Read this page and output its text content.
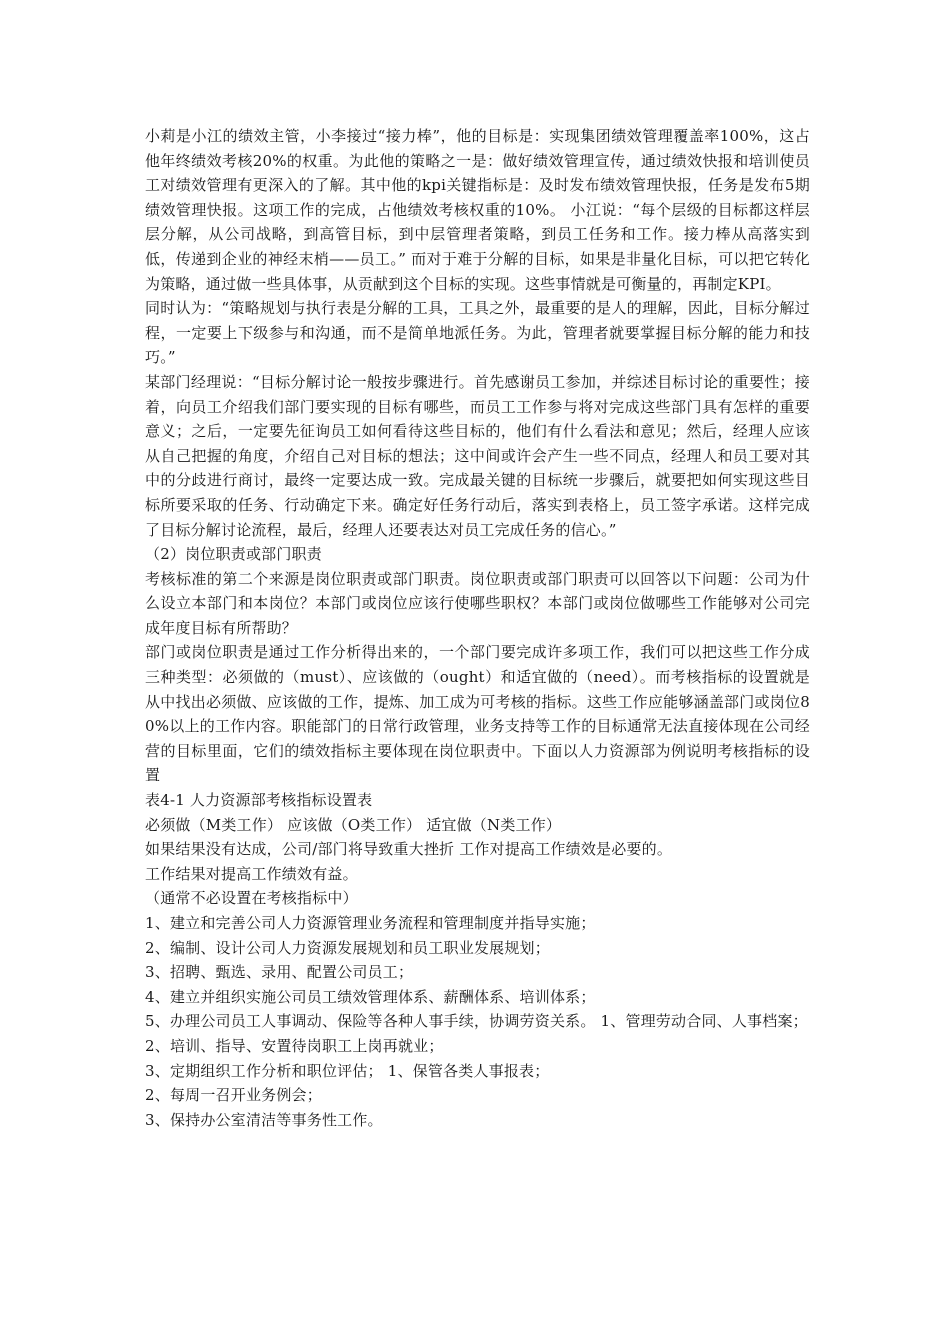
小莉是小江的绩效主管，小李接过“接力棒”，他的目标是：实现集团绩效管理覆盖率100%，这占他年终绩效考核20%的权重。为此他的策略之一是：做好绩效管理宣传，通过绩效快报和培训使员工对绩效管理有更深入的了解。其中他的kpi关键指标是：及时发布绩效管理快报，任务是发布5期绩效管理快报。这项工作的完成，占他绩效考核权重的10%。 小江说：“每个层级的目标都这样层层分解，从公司战略，到高管目标，到中层管理者策略，到员工任务和工作。接力棒从高落实到低，传递到企业的神经末梢——员工。” 而对于难于分解的目标，如果是非量化目标，可以把它转化为策略，通过做一些具体事，从贡献到这个目标的实现。这些事情就是可衡量的，再制定KPI。

同时认为：“策略规划与执行表是分解的工具，工具之外，最重要的是人的理解，因此，目标分解过程，一定要上下级参与和沟通，而不是简单地派任务。为此，管理者就要掌握目标分解的能力和技巧。”

某部门经理说：“目标分解讨论一般按步骤进行。首先感谢员工参加，并综述目标讨论的重要性；接着，向员工介绍我们部门要实现的目标有哪些，而员工工作参与将对完成这些部门具有怎样的重要意义；之后，一定要先征询员工如何看待这些目标的，他们有什么看法和意见；然后，经理人应该从自己把握的角度，介绍自己对目标的想法；这中间或许会产生一些不同点，经理人和员工要对其中的分歧进行商讨，最终一定要达成一致。完成最关键的目标统一步骤后，就要把如何实现这些目标所要采取的任务、行动确定下来。确定好任务行动后，落实到表格上，员工签字承诺。这样完成了目标分解讨论流程，最后，经理人还要表达对员工完成任务的信心。”

（2）岗位职责或部门职责

考核标准的第二个来源是岗位职责或部门职责。岗位职责或部门职责可以回答以下问题：公司为什么设立本部门和本岗位？本部门或岗位应该行使哪些职权？本部门或岗位做哪些工作能够对公司完成年度目标有所帮助？

部门或岗位职责是通过工作分析得出来的，一个部门要完成许多项工作，我们可以把这些工作分成三种类型：必须做的（must）、应该做的（ought）和适宜做的（need）。而考核指标的设置就是从中找出必须做、应该做的工作，提炼、加工成为可考核的指标。这些工作应能够涵盖部门或岗位80%以上的工作内容。职能部门的日常行政管理，业务支持等工作的目标通常无法直接体现在公司经营的目标里面，它们的绩效指标主要体现在岗位职责中。下面以人力资源部为例说明考核指标的设置

表4-1 人力资源部考核指标设置表

必须做（M类工作） 应该做（O类工作） 适宜做（N类工作）

如果结果没有达成，公司/部门将导致重大挫折 工作对提高工作绩效是必要的。

工作结果对提高工作绩效有益。

（通常不必设置在考核指标中）

1、建立和完善公司人力资源管理业务流程和管理制度并指导实施；

2、编制、设计公司人力资源发展规划和员工职业发展规划；

3、招聘、甄选、录用、配置公司员工；

4、建立并组织实施公司员工绩效管理体系、薪酬体系、培训体系；

5、办理公司员工人事调动、保险等各种人事手续，协调劳资关系。 1、管理劳动合同、人事档案；

2、培训、指导、安置待岗职工上岗再就业；

3、定期组织工作分析和职位评估； 1、保管各类人事报表；

2、每周一召开业务例会；

3、保持办公室清洁等事务性工作。
